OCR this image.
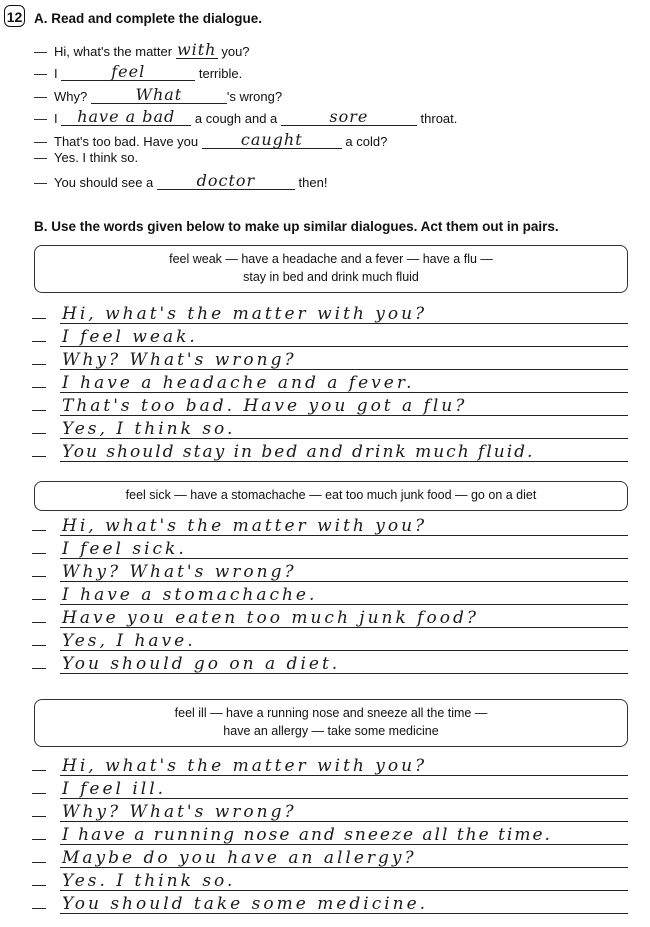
12 A. Read and complete the dialogue.
— Hi, what's the matter with you?
— I	feel	terrible.
— Why?	What	's wrong?
— I	have a bad	a cough and a	sore	throat.
— That's too bad. Have you	caught	a cold?
— Yes. I think so.
— You should see a	doctor	then!
B. Use the words given below to make up similar dialogues. Act them out in pairs.
feel weak — have a headache and a fever — have a flu —
stay in bed and drink much fluid
— Hi, what's the matter with you?
— I feel weak.
— Why? What's wrong?
— I have a headache and a fever.
— That's too bad. Have you got a flu?
— Yes, I think so.
— You should stay in bed and drink much fluid.
feel sick — have a stomachache — eat too much junk food — go on a diet
— Hi, what's the matter with you?
— I feel sick.
— Why? What's wrong?
— I have a stomachache.
— Have you eaten too much junk food?
— Yes, I have.
— You should go on a diet.
feel ill — have a running nose and sneeze all the time —
have an allergy — take some medicine
— Hi, what's the matter with you?
— I feel ill.
— Why? What's wrong?
— I have a running nose and sneeze all the time.
— Maybe do you have an allergy?
— Yes. I think so.
— You should take some medicine.
